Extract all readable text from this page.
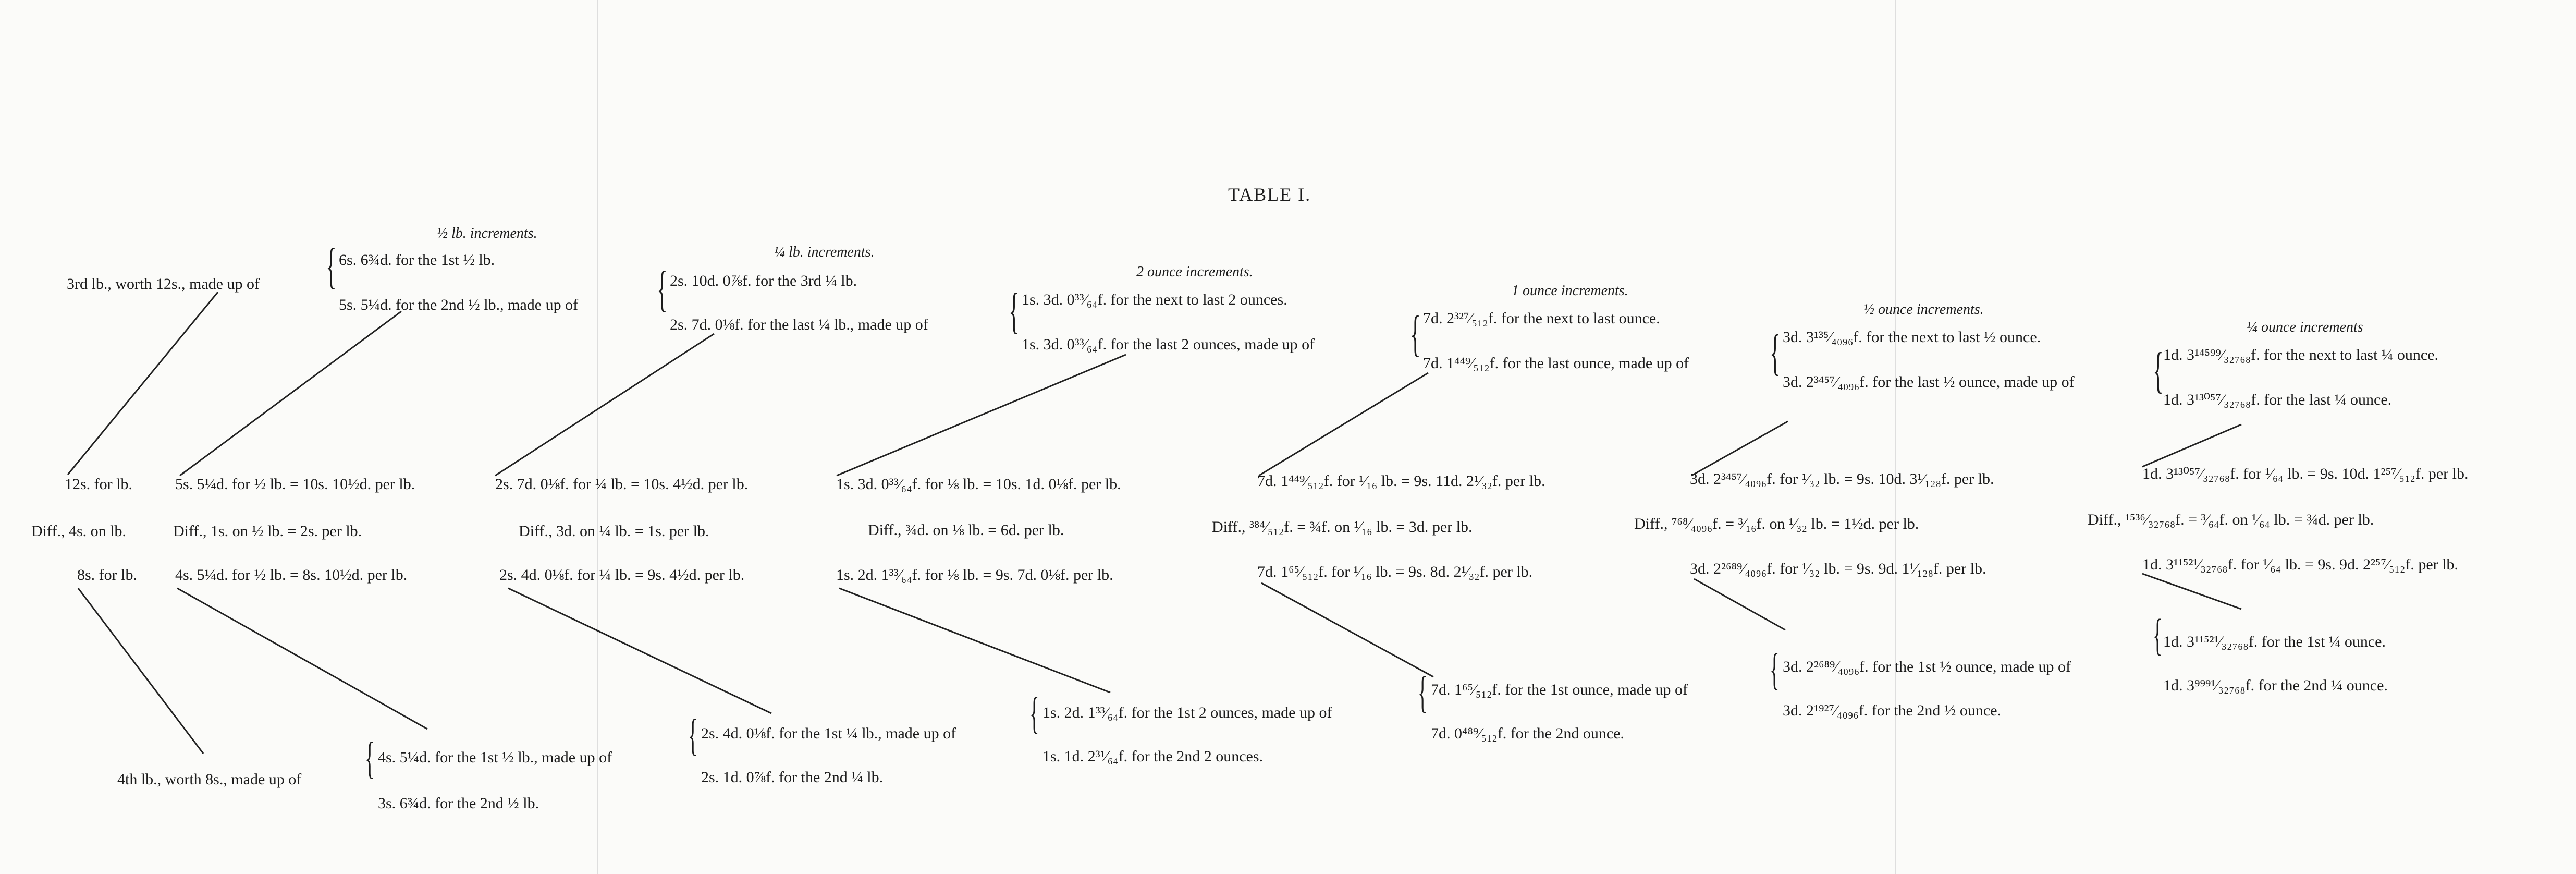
TABLE I.
½ lb. increments.
¼ lb. increments.
2 ounce increments.
1 ounce increments.
½ ounce increments.
¼ ounce increments
3rd lb., worth 12s., made up of { 6s. 6¾d. for the 1st ½ lb.
5s. 5¼d. for the 2nd ½ lb., made up of { 2s. 10d. 0⅞f. for the 3rd ¼ lb.
2s. 7d. 0⅛f. for the last ¼ lb., made up of { 1s. 3d. 0³³⁄₆₄f. for the next to last 2 ounces.
1s. 3d. 0³³⁄₆₄f. for the last 2 ounces, made up of { 7d. 2³²⁷⁄₅₁₂f. for the next to last ounce.
7d. 1⁴⁴⁹⁄₅₁₂f. for the last ounce, made up of { 3d. 3¹³⁵⁄₄₀₉₆f. for the next to last ½ ounce.
3d. 2³⁴⁵⁷⁄₄₀₉₆f. for the last ½ ounce, made up of { 1d. 3¹⁴⁵⁹⁹⁄₃₂₇₆₈f. for the next to last ¼ ounce.
1d. 3¹³⁰⁵⁷⁄₃₂₇₆₈f. for the last ¼ ounce.
12s. for lb.	5s. 5¼d. for ½ lb. = 10s. 10½d. per lb.	2s. 7d. 0⅛f. for ¼ lb. = 10s. 4½d. per lb.	1s. 3d. 0³³⁄₆₄f. for ⅛ lb. = 10s. 1d. 0⅛f. per lb.	7d. 1⁴⁴⁹⁄₅₁₂f. for ¹⁄₁₆ lb. = 9s. 11d. 2¹⁄₃₂f. per lb.	3d. 2³⁴⁵⁷⁄₄₀₉₆f. for ¹⁄₃₂ lb. = 9s. 10d. 3¹⁄₁₂₈f. per lb.	1d. 3¹³⁰⁵⁷⁄₃₂₇₆₈f. for ¹⁄₆₄ lb. = 9s. 10d. 1²⁵⁷⁄₅₁₂f. per lb.
Diff., 4s. on lb.	Diff., 1s. on ½ lb. = 2s. per lb.	Diff., 3d. on ¼ lb. = 1s. per lb.	Diff., ¾d. on ⅛ lb. = 6d. per lb.	Diff., ³⁸⁴⁄₅₁₂f. = ¾f. on ¹⁄₁₆ lb. = 3d. per lb.	Diff., ⁷⁶⁸⁄₄₀₉₆f. = ³⁄₁₆f. on ¹⁄₃₂ lb. = 1½d. per lb.	Diff., ¹⁵³⁶⁄₃₂₇₆₈f. = ³⁄₆₄f. on ¹⁄₆₄ lb. = ¾d. per lb.
8s. for lb. 4s. 5¼d. for ½ lb. = 8s. 10½d. per lb.	2s. 4d. 0⅛f. for ¼ lb. = 9s. 4½d. per lb.	1s. 2d. 1³³⁄₆₄f. for ⅛ lb. = 9s. 7d. 0⅛f. per lb.	7d. 1⁶⁵⁄₅₁₂f. for ¹⁄₁₆ lb. = 9s. 8d. 2¹⁄₃₂f. per lb.	3d. 2²⁶⁸⁹⁄₄₀₉₆f. for ¹⁄₃₂ lb. = 9s. 9d. 1¹⁄₁₂₈f. per lb.	1d. 3¹¹⁵²¹⁄₃₂₇₆₈f. for ¹⁄₆₄ lb. = 9s. 9d. 2²⁵⁷⁄₅₁₂f. per lb.
{ 1d. 3¹¹⁵²¹⁄₃₂₇₆₈f. for the 1st ¼ ounce.
1d. 3⁹⁹⁹¹⁄₃₂₇₆₈f. for the 2nd ¼ ounce.
{ 3d. 2²⁶⁸⁹⁄₄₀₉₆f. for the 1st ½ ounce, made up of
3d. 2¹⁹²⁷⁄₄₀₉₆f. for the 2nd ½ ounce.
{ 7d. 1⁶⁵⁄₅₁₂f. for the 1st ounce, made up of
7d. 0⁴⁸⁹⁄₅₁₂f. for the 2nd ounce.
{ 1s. 2d. 1³³⁄₆₄f. for the 1st 2 ounces, made up of
1s. 1d. 2³¹⁄₆₄f. for the 2nd 2 ounces.
{ 2s. 4d. 0⅛f. for the 1st ¼ lb., made up of
2s. 1d. 0⅞f. for the 2nd ¼ lb.
4th lb., worth 8s., made up of { 4s. 5¼d. for the 1st ½ lb., made up of
3s. 6¾d. for the 2nd ½ lb.
